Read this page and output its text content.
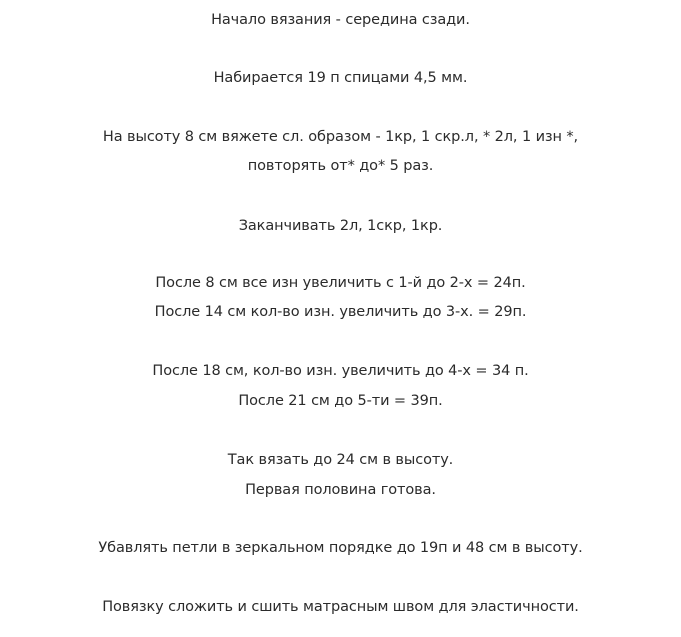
Начало вязания - середина сзади.
Набирается 19 п спицами 4,5 мм.
На высоту 8 см вяжете сл. образом - 1кр, 1 скр.л, * 2л, 1 изн *,
повторять от* до* 5 раз.
Заканчивать 2л, 1скр, 1кр.
После 8 см все изн увеличить с 1-й до 2-х = 24п.
После 14 см кол-во изн. увеличить до 3-х. = 29п.
После 18 см, кол-во изн. увеличить до 4-х = 34 п.
После 21 см до 5-ти = 39п.
Так вязать до 24 см в высоту.
Первая половина готова.
Убавлять петли в зеркальном порядке до 19п и 48 см в высоту.
Повязку сложить и сшить матрасным швом для эластичности.
